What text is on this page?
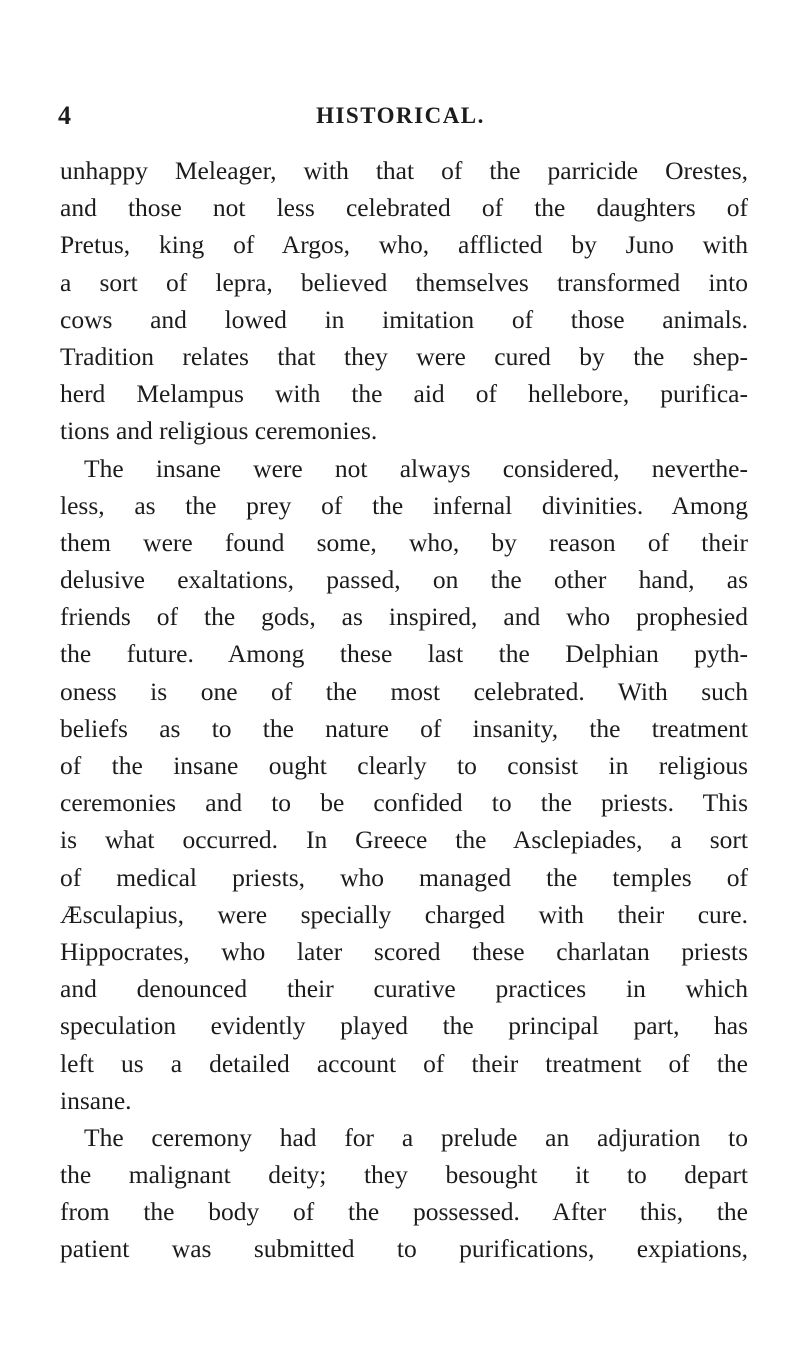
4	HISTORICAL.
unhappy Meleager, with that of the parricide Orestes,
and those not less celebrated of the daughters of
Pretus, king of Argos, who, afflicted by Juno with
a sort of lepra, believed themselves transformed into
cows and lowed in imitation of those animals.
Tradition relates that they were cured by the shep-
herd Melampus with the aid of hellebore, purifica-
tions and religious ceremonies.
The insane were not always considered, neverthe-
less, as the prey of the infernal divinities. Among
them were found some, who, by reason of their
delusive exaltations, passed, on the other hand, as
friends of the gods, as inspired, and who prophesied
the future. Among these last the Delphian pyth-
oness is one of the most celebrated. With such
beliefs as to the nature of insanity, the treatment
of the insane ought clearly to consist in religious
ceremonies and to be confided to the priests. This
is what occurred. In Greece the Asclepiades, a sort
of medical priests, who managed the temples of
Æsculapius, were specially charged with their cure.
Hippocrates, who later scored these charlatan priests
and denounced their curative practices in which
speculation evidently played the principal part, has
left us a detailed account of their treatment of the
insane.
The ceremony had for a prelude an adjuration to
the malignant deity; they besought it to depart
from the body of the possessed. After this, the
patient was submitted to purifications, expiations,
